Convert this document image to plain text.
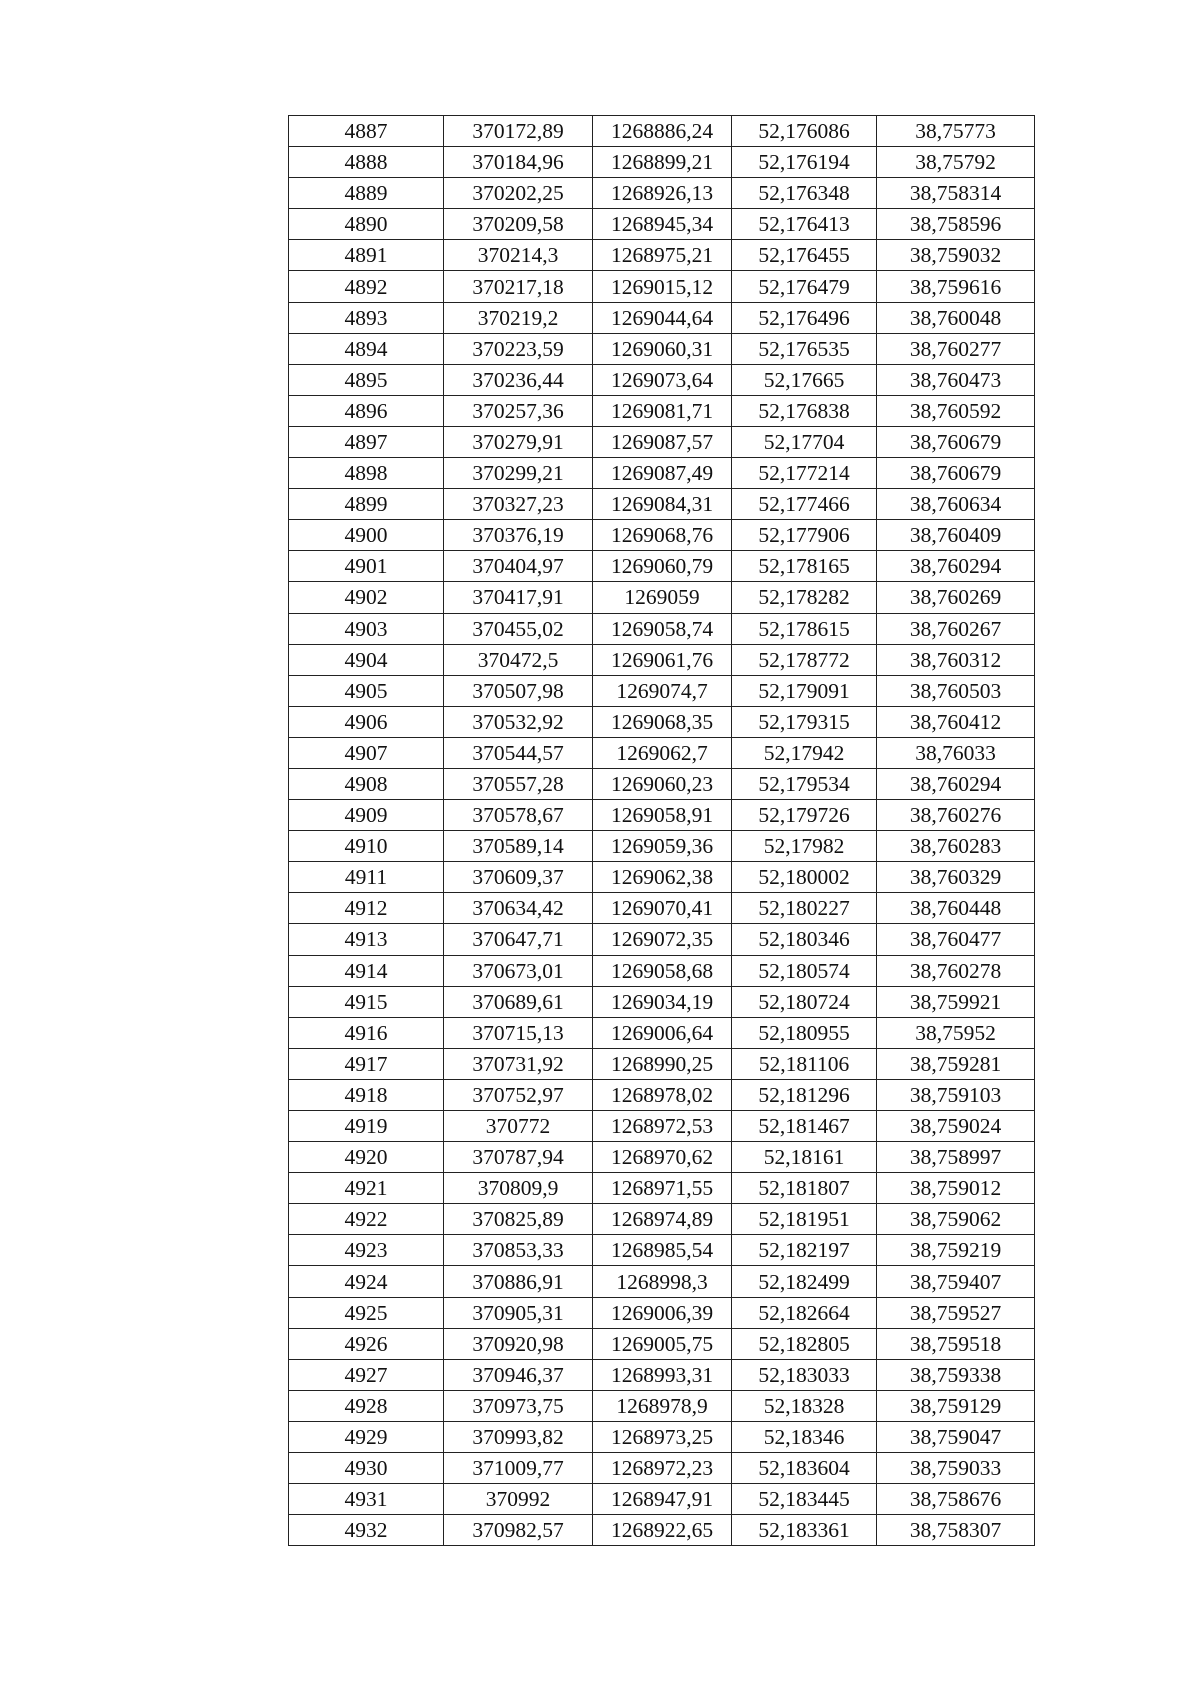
4887	370172,89	1268886,24	52,176086	38,75773
4888	370184,96	1268899,21	52,176194	38,75792
4889	370202,25	1268926,13	52,176348	38,758314
4890	370209,58	1268945,34	52,176413	38,758596
4891	370214,3	1268975,21	52,176455	38,759032
4892	370217,18	1269015,12	52,176479	38,759616
4893	370219,2	1269044,64	52,176496	38,760048
4894	370223,59	1269060,31	52,176535	38,760277
4895	370236,44	1269073,64	52,17665	38,760473
4896	370257,36	1269081,71	52,176838	38,760592
4897	370279,91	1269087,57	52,17704	38,760679
4898	370299,21	1269087,49	52,177214	38,760679
4899	370327,23	1269084,31	52,177466	38,760634
4900	370376,19	1269068,76	52,177906	38,760409
4901	370404,97	1269060,79	52,178165	38,760294
4902	370417,91	1269059	52,178282	38,760269
4903	370455,02	1269058,74	52,178615	38,760267
4904	370472,5	1269061,76	52,178772	38,760312
4905	370507,98	1269074,7	52,179091	38,760503
4906	370532,92	1269068,35	52,179315	38,760412
4907	370544,57	1269062,7	52,17942	38,76033
4908	370557,28	1269060,23	52,179534	38,760294
4909	370578,67	1269058,91	52,179726	38,760276
4910	370589,14	1269059,36	52,17982	38,760283
4911	370609,37	1269062,38	52,180002	38,760329
4912	370634,42	1269070,41	52,180227	38,760448
4913	370647,71	1269072,35	52,180346	38,760477
4914	370673,01	1269058,68	52,180574	38,760278
4915	370689,61	1269034,19	52,180724	38,759921
4916	370715,13	1269006,64	52,180955	38,75952
4917	370731,92	1268990,25	52,181106	38,759281
4918	370752,97	1268978,02	52,181296	38,759103
4919	370772	1268972,53	52,181467	38,759024
4920	370787,94	1268970,62	52,18161	38,758997
4921	370809,9	1268971,55	52,181807	38,759012
4922	370825,89	1268974,89	52,181951	38,759062
4923	370853,33	1268985,54	52,182197	38,759219
4924	370886,91	1268998,3	52,182499	38,759407
4925	370905,31	1269006,39	52,182664	38,759527
4926	370920,98	1269005,75	52,182805	38,759518
4927	370946,37	1268993,31	52,183033	38,759338
4928	370973,75	1268978,9	52,18328	38,759129
4929	370993,82	1268973,25	52,18346	38,759047
4930	371009,77	1268972,23	52,183604	38,759033
4931	370992	1268947,91	52,183445	38,758676
4932	370982,57	1268922,65	52,183361	38,758307
